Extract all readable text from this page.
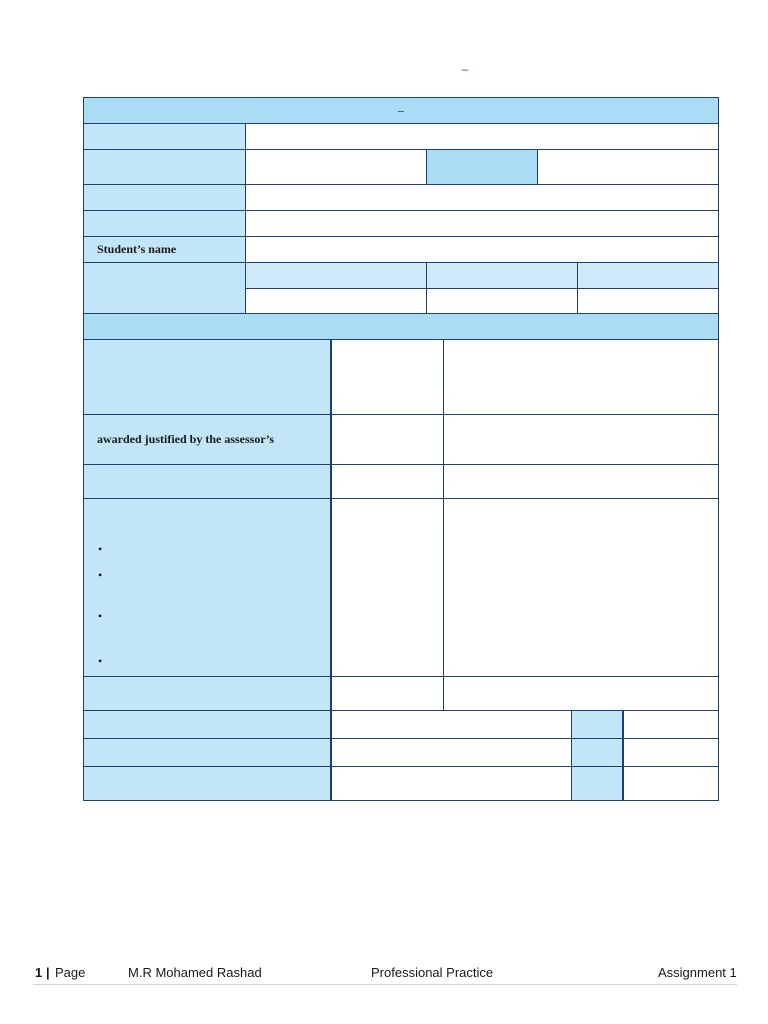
–
–
Student’s name
awarded justified by the assessor’s
•
•
•
•
1 | Page	M.R Mohamed Rashad	Professional Practice	Assignment 1
